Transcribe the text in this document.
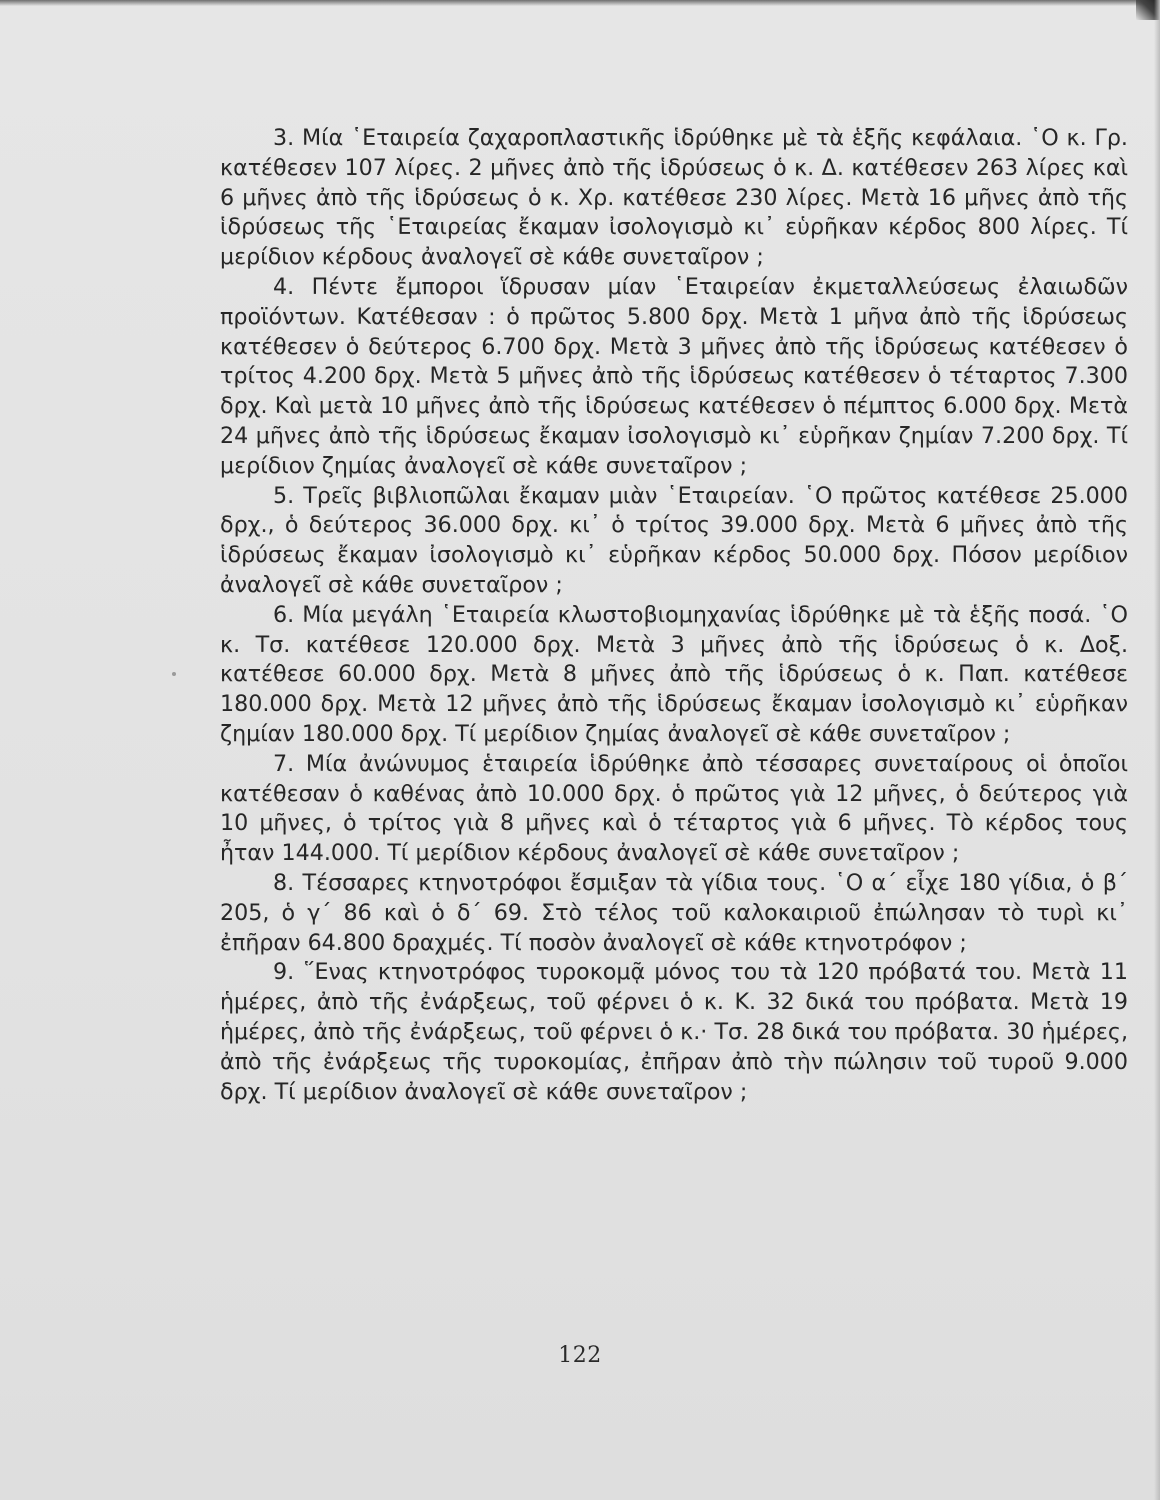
3. Μία ῾Εταιρεία ζαχαροπλαστικῆς ἱδρύθηκε μὲ τὰ ἑξῆς κεφάλαια. ῾Ο κ. Γρ. κατέθεσεν 107 λίρες. 2 μῆνες ἀπὸ τῆς ἱδρύσεως ὁ κ. Δ. κατέθεσεν 263 λίρες καὶ 6 μῆνες ἀπὸ τῆς ἱδρύσεως ὁ κ. Χρ. κατέθεσε 230 λίρες. Μετὰ 16 μῆνες ἀπὸ τῆς ἱδρύσεως τῆς ῾Εταιρείας ἔκαμαν ἰσολογισμὸ κι᾽ εὑρῆκαν κέρδος 800 λίρες. Τί μερίδιον κέρδους ἀναλογεῖ σὲ κάθε συνεταῖρον ;

4. Πέντε ἔμποροι ἵδρυσαν μίαν ῾Εταιρείαν ἐκμεταλλεύσεως ἐλαιωδῶν προϊόντων. Κατέθεσαν : ὁ πρῶτος 5.800 δρχ. Μετὰ 1 μῆνα ἀπὸ τῆς ἱδρύσεως κατέθεσεν ὁ δεύτερος 6.700 δρχ. Μετὰ 3 μῆνες ἀπὸ τῆς ἱδρύσεως κατέθεσεν ὁ τρίτος 4.200 δρχ. Μετὰ 5 μῆνες ἀπὸ τῆς ἱδρύσεως κατέθεσεν ὁ τέταρτος 7.300 δρχ. Καὶ μετὰ 10 μῆνες ἀπὸ τῆς ἱδρύσεως κατέθεσεν ὁ πέμπτος 6.000 δρχ. Μετὰ 24 μῆνες ἀπὸ τῆς ἱδρύσεως ἔκαμαν ἰσολογισμὸ κι᾽ εὑρῆκαν ζημίαν 7.200 δρχ. Τί μερίδιον ζημίας ἀναλογεῖ σὲ κάθε συνεταῖρον ;

5. Τρεῖς βιβλιοπῶλαι ἔκαμαν μιὰν ῾Εταιρείαν. ῾Ο πρῶτος κατέθεσε 25.000 δρχ., ὁ δεύτερος 36.000 δρχ. κι᾽ ὁ τρίτος 39.000 δρχ. Μετὰ 6 μῆνες ἀπὸ τῆς ἱδρύσεως ἔκαμαν ἰσολογισμὸ κι᾽ εὑρῆκαν κέρδος 50.000 δρχ. Πόσον μερίδιον ἀναλογεῖ σὲ κάθε συνεταῖρον ;

6. Μία μεγάλη ῾Εταιρεία κλωστοβιομηχανίας ἱδρύθηκε μὲ τὰ ἑξῆς ποσά. ῾Ο κ. Τσ. κατέθεσε 120.000 δρχ. Μετὰ 3 μῆνες ἀπὸ τῆς ἱδρύσεως ὁ κ. Δοξ. κατέθεσε 60.000 δρχ. Μετὰ 8 μῆνες ἀπὸ τῆς ἱδρύσεως ὁ κ. Παπ. κατέθεσε 180.000 δρχ. Μετὰ 12 μῆνες ἀπὸ τῆς ἱδρύσεως ἔκαμαν ἰσολογισμὸ κι᾽ εὑρῆκαν ζημίαν 180.000 δρχ. Τί μερίδιον ζημίας ἀναλογεῖ σὲ κάθε συνεταῖρον ;

7. Μία ἀνώνυμος ἑταιρεία ἱδρύθηκε ἀπὸ τέσσαρες συνεταίρους οἱ ὁποῖοι κατέθεσαν ὁ καθένας ἀπὸ 10.000 δρχ. ὁ πρῶτος γιὰ 12 μῆνες, ὁ δεύτερος γιὰ 10 μῆνες, ὁ τρίτος γιὰ 8 μῆνες καὶ ὁ τέταρτος γιὰ 6 μῆνες. Τὸ κέρδος τους ἦταν 144.000. Τί μερίδιον κέρδους ἀναλογεῖ σὲ κάθε συνεταῖρον ;

8. Τέσσαρες κτηνοτρόφοι ἔσμιξαν τὰ γίδια τους. ῾Ο α΄ εἶχε 180 γίδια, ὁ β΄ 205, ὁ γ΄ 86 καὶ ὁ δ΄ 69. Στὸ τέλος τοῦ καλοκαιριοῦ ἐπώλησαν τὸ τυρὶ κι᾽ ἐπῆραν 64.800 δραχμές. Τί ποσὸν ἀναλογεῖ σὲ κάθε κτηνοτρόφον ;

9. ῞Ενας κτηνοτρόφος τυροκομᾷ μόνος του τὰ 120 πρόβατά του. Μετὰ 11 ἡμέρες, ἀπὸ τῆς ἐνάρξεως, τοῦ φέρνει ὁ κ. Κ. 32 δικά του πρόβατα. Μετὰ 19 ἡμέρες, ἀπὸ τῆς ἐνάρξεως, τοῦ φέρνει ὁ κ.· Τσ. 28 δικά του πρόβατα. 30 ἡμέρες, ἀπὸ τῆς ἐνάρξεως τῆς τυροκομίας, ἐπῆραν ἀπὸ τὴν πώλησιν τοῦ τυροῦ 9.000 δρχ. Τί μερίδιον ἀναλογεῖ σὲ κάθε συνεταῖρον ;

122
